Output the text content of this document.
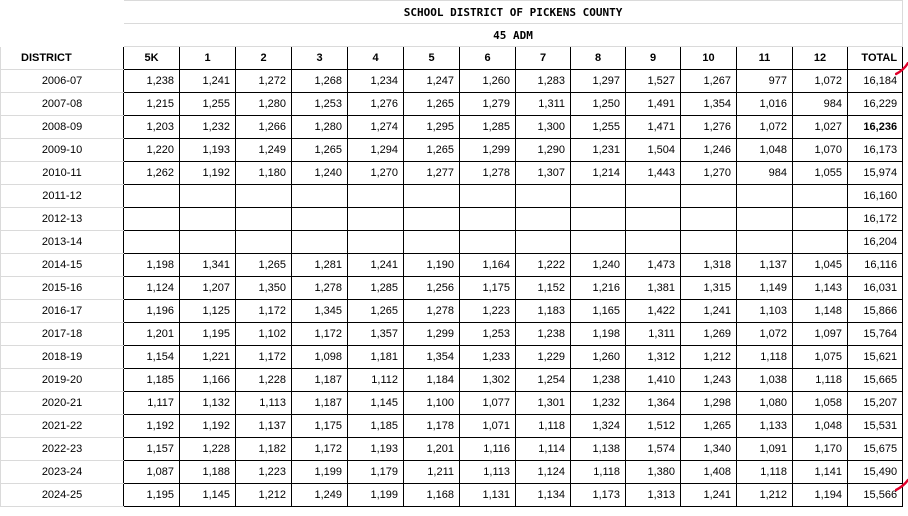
	SCHOOL DISTRICT OF PICKENS COUNTY													
	45 ADM													
DISTRICT	5K	1	2	3	4	5	6	7	8	9	10	11	12	TOTAL
2006-07	1,238	1,241	1,272	1,268	1,234	1,247	1,260	1,283	1,297	1,527	1,267	977	1,072	16,184
2007-08	1,215	1,255	1,280	1,253	1,276	1,265	1,279	1,311	1,250	1,491	1,354	1,016	984	16,229
2008-09	1,203	1,232	1,266	1,280	1,274	1,295	1,285	1,300	1,255	1,471	1,276	1,072	1,027	16,236
2009-10	1,220	1,193	1,249	1,265	1,294	1,265	1,299	1,290	1,231	1,504	1,246	1,048	1,070	16,173
2010-11	1,262	1,192	1,180	1,240	1,270	1,277	1,278	1,307	1,214	1,443	1,270	984	1,055	15,974
2011-12														16,160
2012-13														16,172
2013-14														16,204
2014-15	1,198	1,341	1,265	1,281	1,241	1,190	1,164	1,222	1,240	1,473	1,318	1,137	1,045	16,116
2015-16	1,124	1,207	1,350	1,278	1,285	1,256	1,175	1,152	1,216	1,381	1,315	1,149	1,143	16,031
2016-17	1,196	1,125	1,172	1,345	1,265	1,278	1,223	1,183	1,165	1,422	1,241	1,103	1,148	15,866
2017-18	1,201	1,195	1,102	1,172	1,357	1,299	1,253	1,238	1,198	1,311	1,269	1,072	1,097	15,764
2018-19	1,154	1,221	1,172	1,098	1,181	1,354	1,233	1,229	1,260	1,312	1,212	1,118	1,075	15,621
2019-20	1,185	1,166	1,228	1,187	1,112	1,184	1,302	1,254	1,238	1,410	1,243	1,038	1,118	15,665
2020-21	1,117	1,132	1,113	1,187	1,145	1,100	1,077	1,301	1,232	1,364	1,298	1,080	1,058	15,207
2021-22	1,192	1,192	1,137	1,175	1,185	1,178	1,071	1,118	1,324	1,512	1,265	1,133	1,048	15,531
2022-23	1,157	1,228	1,182	1,172	1,193	1,201	1,116	1,114	1,138	1,574	1,340	1,091	1,170	15,675
2023-24	1,087	1,188	1,223	1,199	1,179	1,211	1,113	1,124	1,118	1,380	1,408	1,118	1,141	15,490
2024-25	1,195	1,145	1,212	1,249	1,199	1,168	1,131	1,134	1,173	1,313	1,241	1,212	1,194	15,566
